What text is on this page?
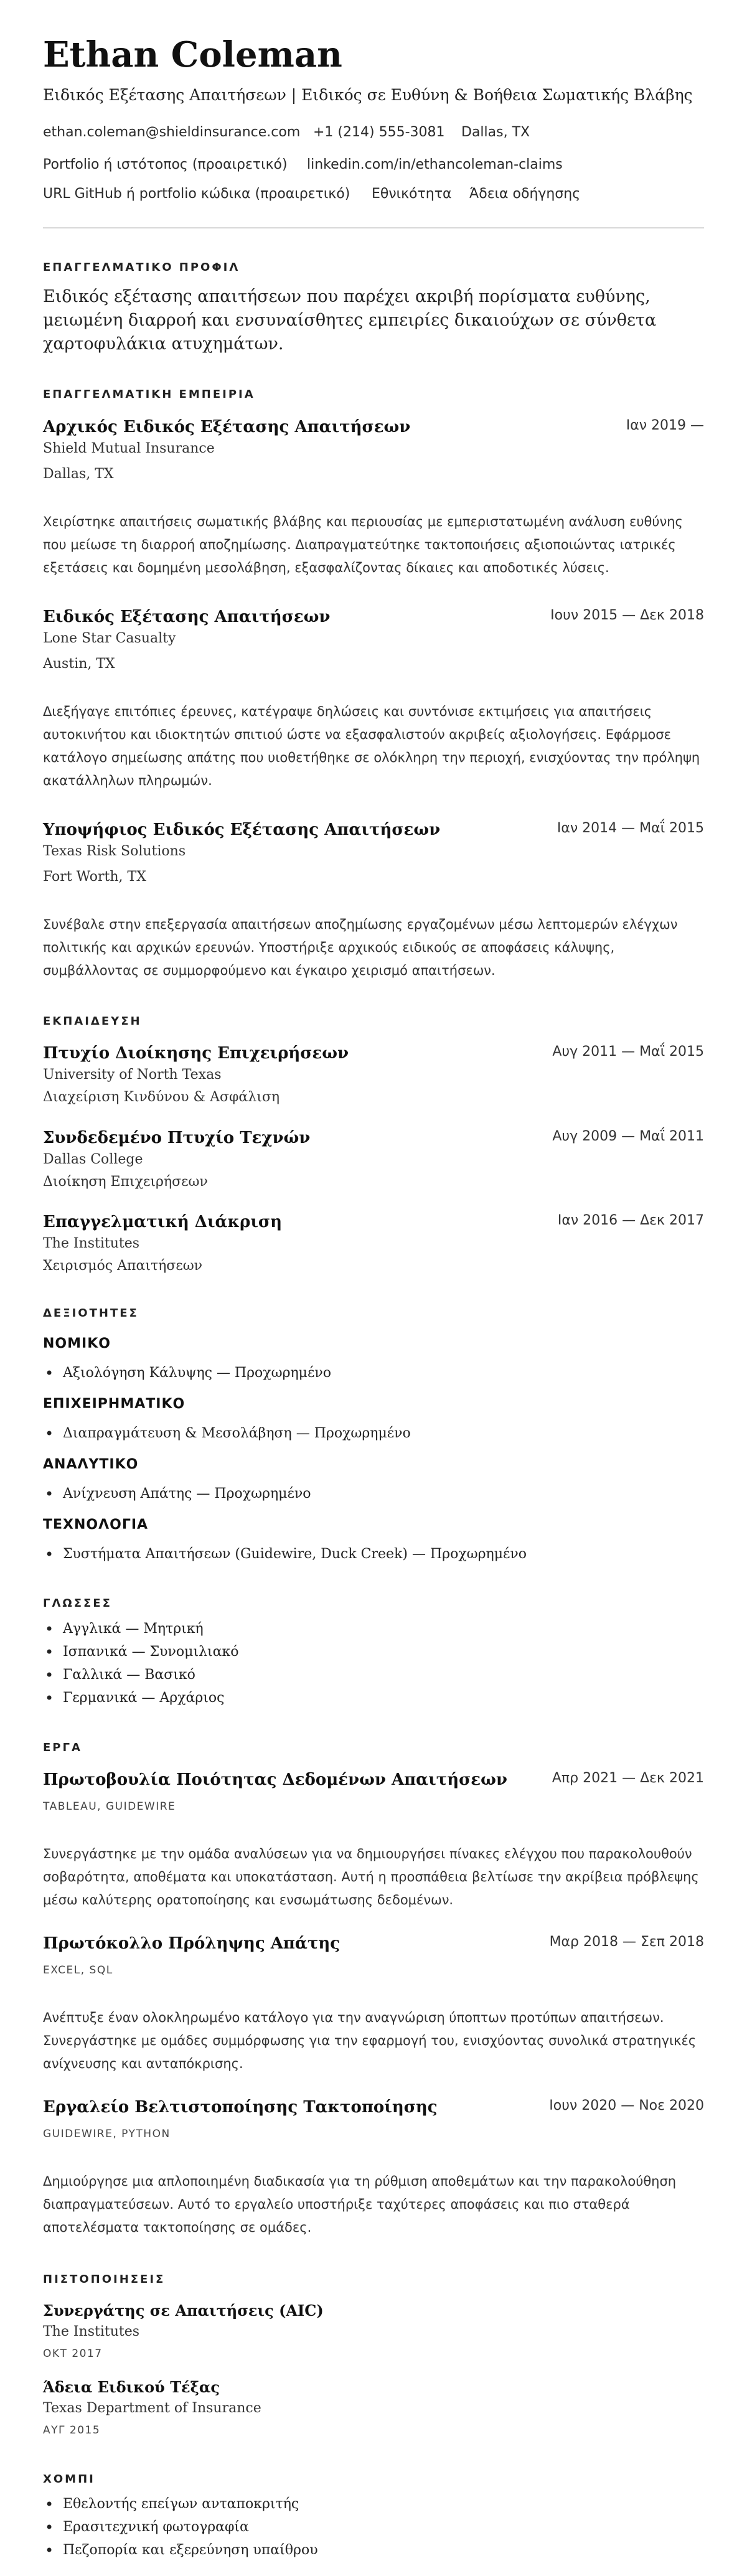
Ethan Coleman
Ειδικός Εξέτασης Απαιτήσεων | Ειδικός σε Ευθύνη & Βοήθεια Σωματικής Βλάβης
ethan.coleman@shieldinsurance.com +1 (214) 555-3081 Dallas, TX
Portfolio ή ιστότοπος (προαιρετικό) linkedin.com/in/ethancoleman-claims
URL GitHub ή portfolio κώδικα (προαιρετικό) Εθνικότητα Άδεια οδήγησης
ΕΠΑΓΓΕΛΜΑΤΙΚΟ ΠΡΟΦΙΛ
Ειδικός εξέτασης απαιτήσεων που παρέχει ακριβή πορίσματα ευθύνης, μειωμένη διαρροή και ενσυναίσθητες εμπειρίες δικαιούχων σε σύνθετα χαρτοφυλάκια ατυχημάτων.
ΕΠΑΓΓΕΛΜΑΤΙΚΗ ΕΜΠΕΙΡΙΑ
Αρχικός Ειδικός Εξέτασης Απαιτήσεων	Ιαν 2019 —
Shield Mutual Insurance
Dallas, TX
Χειρίστηκε απαιτήσεις σωματικής βλάβης και περιουσίας με εμπεριστατωμένη ανάλυση ευθύνης που μείωσε τη διαρροή αποζημίωσης. Διαπραγματεύτηκε τακτοποιήσεις αξιοποιώντας ιατρικές εξετάσεις και δομημένη μεσολάβηση, εξασφαλίζοντας δίκαιες και αποδοτικές λύσεις.
Ειδικός Εξέτασης Απαιτήσεων	Ιουν 2015 — Δεκ 2018
Lone Star Casualty
Austin, TX
Διεξήγαγε επιτόπιες έρευνες, κατέγραψε δηλώσεις και συντόνισε εκτιμήσεις για απαιτήσεις αυτοκινήτου και ιδιοκτητών σπιτιού ώστε να εξασφαλιστούν ακριβείς αξιολογήσεις. Εφάρμοσε κατάλογο σημείωσης απάτης που υιοθετήθηκε σε ολόκληρη την περιοχή, ενισχύοντας την πρόληψη ακατάλληλων πληρωμών.
Υποψήφιος Ειδικός Εξέτασης Απαιτήσεων	Ιαν 2014 — Μαΐ 2015
Texas Risk Solutions
Fort Worth, TX
Συνέβαλε στην επεξεργασία απαιτήσεων αποζημίωσης εργαζομένων μέσω λεπτομερών ελέγχων πολιτικής και αρχικών ερευνών. Υποστήριξε αρχικούς ειδικούς σε αποφάσεις κάλυψης, συμβάλλοντας σε συμμορφούμενο και έγκαιρο χειρισμό απαιτήσεων.
ΕΚΠΑΙΔΕΥΣΗ
Πτυχίο Διοίκησης Επιχειρήσεων	Αυγ 2011 — Μαΐ 2015
University of North Texas
Διαχείριση Κινδύνου & Ασφάλιση
Συνδεδεμένο Πτυχίο Τεχνών	Αυγ 2009 — Μαΐ 2011
Dallas College
Διοίκηση Επιχειρήσεων
Επαγγελματική Διάκριση	Ιαν 2016 — Δεκ 2017
The Institutes
Χειρισμός Απαιτήσεων
ΔΕΞΙΟΤΗΤΕΣ
ΝΟΜΙΚΟ
• Αξιολόγηση Κάλυψης — Προχωρημένο
ΕΠΙΧΕΙΡΗΜΑΤΙΚΟ
• Διαπραγμάτευση & Μεσολάβηση — Προχωρημένο
ΑΝΑΛΥΤΙΚΟ
• Ανίχνευση Απάτης — Προχωρημένο
ΤΕΧΝΟΛΟΓΙΑ
• Συστήματα Απαιτήσεων (Guidewire, Duck Creek) — Προχωρημένο
ΓΛΩΣΣΕΣ
• Αγγλικά — Μητρική
• Ισπανικά — Συνομιλιακό
• Γαλλικά — Βασικό
• Γερμανικά — Αρχάριος
ΕΡΓΑ
Πρωτοβουλία Ποιότητας Δεδομένων Απαιτήσεων	Απρ 2021 — Δεκ 2021
TABLEAU, GUIDEWIRE
Συνεργάστηκε με την ομάδα αναλύσεων για να δημιουργήσει πίνακες ελέγχου που παρακολουθούν σοβαρότητα, αποθέματα και υποκατάσταση. Αυτή η προσπάθεια βελτίωσε την ακρίβεια πρόβλεψης μέσω καλύτερης ορατοποίησης και ενσωμάτωσης δεδομένων.
Πρωτόκολλο Πρόληψης Απάτης	Μαρ 2018 — Σεπ 2018
EXCEL, SQL
Ανέπτυξε έναν ολοκληρωμένο κατάλογο για την αναγνώριση ύποπτων προτύπων απαιτήσεων. Συνεργάστηκε με ομάδες συμμόρφωσης για την εφαρμογή του, ενισχύοντας συνολικά στρατηγικές ανίχνευσης και ανταπόκρισης.
Εργαλείο Βελτιστοποίησης Τακτοποίησης	Ιουν 2020 — Νοε 2020
GUIDEWIRE, PYTHON
Δημιούργησε μια απλοποιημένη διαδικασία για τη ρύθμιση αποθεμάτων και την παρακολούθηση διαπραγματεύσεων. Αυτό το εργαλείο υποστήριξε ταχύτερες αποφάσεις και πιο σταθερά αποτελέσματα τακτοποίησης σε ομάδες.
ΠΙΣΤΟΠΟΙΗΣΕΙΣ
Συνεργάτης σε Απαιτήσεις (AIC)
The Institutes
ΟΚΤ 2017
Άδεια Ειδικού Τέξας
Texas Department of Insurance
ΑΥΓ 2015
ΧΟΜΠΙ
• Εθελοντής επείγων ανταποκριτής
• Ερασιτεχνική φωτογραφία
• Πεζοπορία και εξερεύνηση υπαίθρου
